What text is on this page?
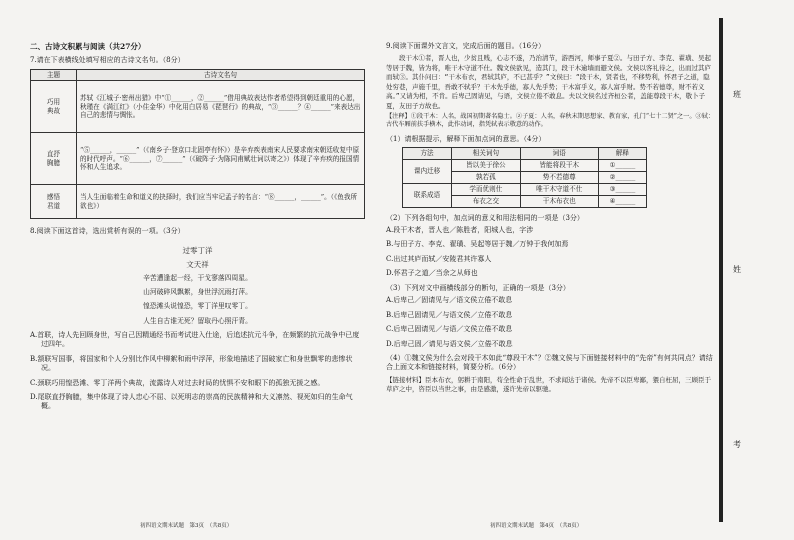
二、古诗文积累与阅读（共27分）
7.请在下表横线处填写相应的古诗文名句。（8分）
主题	古诗文名句
巧用
典故	苏轼《江城子·密州出猎》中“①______，②______”借用典故表达作者希望得到朝廷重用的心愿，秋瑾在《满江红》（小住金华）中化用白居易《琵琶行》的典故，“③______？④______”来表达出自己的悲情与惆怅。
直抒
胸臆	“⑤______，______”（《南乡子·登京口北固亭有怀》）是辛弃疾表南宋人民要求南宋朝廷收复中原的时代呼声。“⑥______，⑦______”（《破阵子·为陈同甫赋壮词以寄之》）体现了辛弃疾的报国情怀和人生追求。
感悟
君道	当人生面临着生命和道义的抉择时，我们应当牢记孟子的名言：“⑧______，______”。（《鱼我所欲也》）
8.阅读下面这首诗，选出赏析有误的一项。（3分）
过零丁洋
文天祥
辛苦遭逢起一经，干戈寥落四周星。
山河破碎风飘絮，身世浮沉雨打萍。
惶恐滩头说惶恐，零丁洋里叹零丁。
人生自古谁无死？留取丹心照汗青。
A.首联，诗人先回顾身世，写自己因精通经书而考试进入仕途，后追述抗元斗争，在频繁的抗元战争中已度过四年。
B.颔联写国事，将国家和个人分别比作风中柳絮和雨中浮萍，形象地描述了国破家亡和身世飘零的悲惨状况。
C.颈联巧用惶恐滩、零丁洋两个典故，流露诗人对过去时局的忧惧不安和眼下的孤独无援之感。
D.尾联直抒胸臆，集中体现了诗人忠心不屈、以死明志的崇高的民族精神和大义凛然、视死如归的生命气概。
初四语文期末试题　第3页　（共8页）
9.阅读下面课外文言文，完成后面的题目。（16分）
段干木①者，晋人也，少贫且贱，心志不遂，乃治清节，游西河，师事子夏②。与田子方、李克、翟璜、吴起等居于魏，皆为将，唯干木守道不仕。魏文侯欲见，造其门，段干木逾墙而避文侯。文侯以客礼待之，出而过其庐而轼③。其仆问曰：“干木布衣，君轼其庐，不已甚乎？”文侯曰：“段干木，贤者也，不移势利，怀君子之道，隐处穷巷，声施千里，吾敢不轼乎？干木先乎德，寡人先乎势；干木富乎义，寡人富乎财。势不若德尊，财不若义高。”又请为相，不肯。后卑己固请见，与语，文侯立倦不敢息。夫以文侯名过齐桓公者，盖能尊段干木，敬卜子夏，友田子方故也。
【注释】①段干木：人名，战国初期著名隐士。②子夏：人名，春秋末期思想家、教育家，孔门“七十二贤”之一。③轼：古代车厢前扶手横木，此作动词，指凭轼表示敬意的动作。
（1）请根据提示，解释下面加点词的意思。（4分）
方法	相关词句	词语	解释
课内迁移	皆以美于徐公	皆能将段干木	①______
	孰若孤	势不若德尊	②______
联系成语	学而优则仕	唯干木守道不仕	③______
	布衣之交	干木布衣也	④______
（2）下列各组句中，加点词的意义和用法相同的一项是（3分）
A.段干木者，晋人也／陈胜者，阳城人也，字涉
B.与田子方、李克、翟璜、吴起等居于魏／万钟于我何加焉
C.出过其庐而轼／安陵君其许寡人
D.怀君子之道／当余之从师也
（3）下列对文中画横线部分的断句，正确的一项是（3分）
A.后卑己／固请见与／语文侯立倦不敢息
B.后卑己固请见／与语文侯／立倦不敢息
C.后卑己固请见／与语／文侯立倦不敢息
D.后卑己固／请见与语文侯／立倦不敢息
（4）①魏文侯为什么会对段干木如此“尊段干木”？②魏文侯与下面链接材料中的“先帝”有何共同点？请结合上面文本和链接材料，简要分析。（6分）
【链接材料】臣本布衣，躬耕于南阳，苟全性命于乱世，不求闻达于诸侯。先帝不以臣卑鄙，猥自枉屈，三顾臣于草庐之中，咨臣以当世之事，由是感激，遂许先帝以驱驰。
初四语文期末试题　第4页　（共8页）
班
姓
考
